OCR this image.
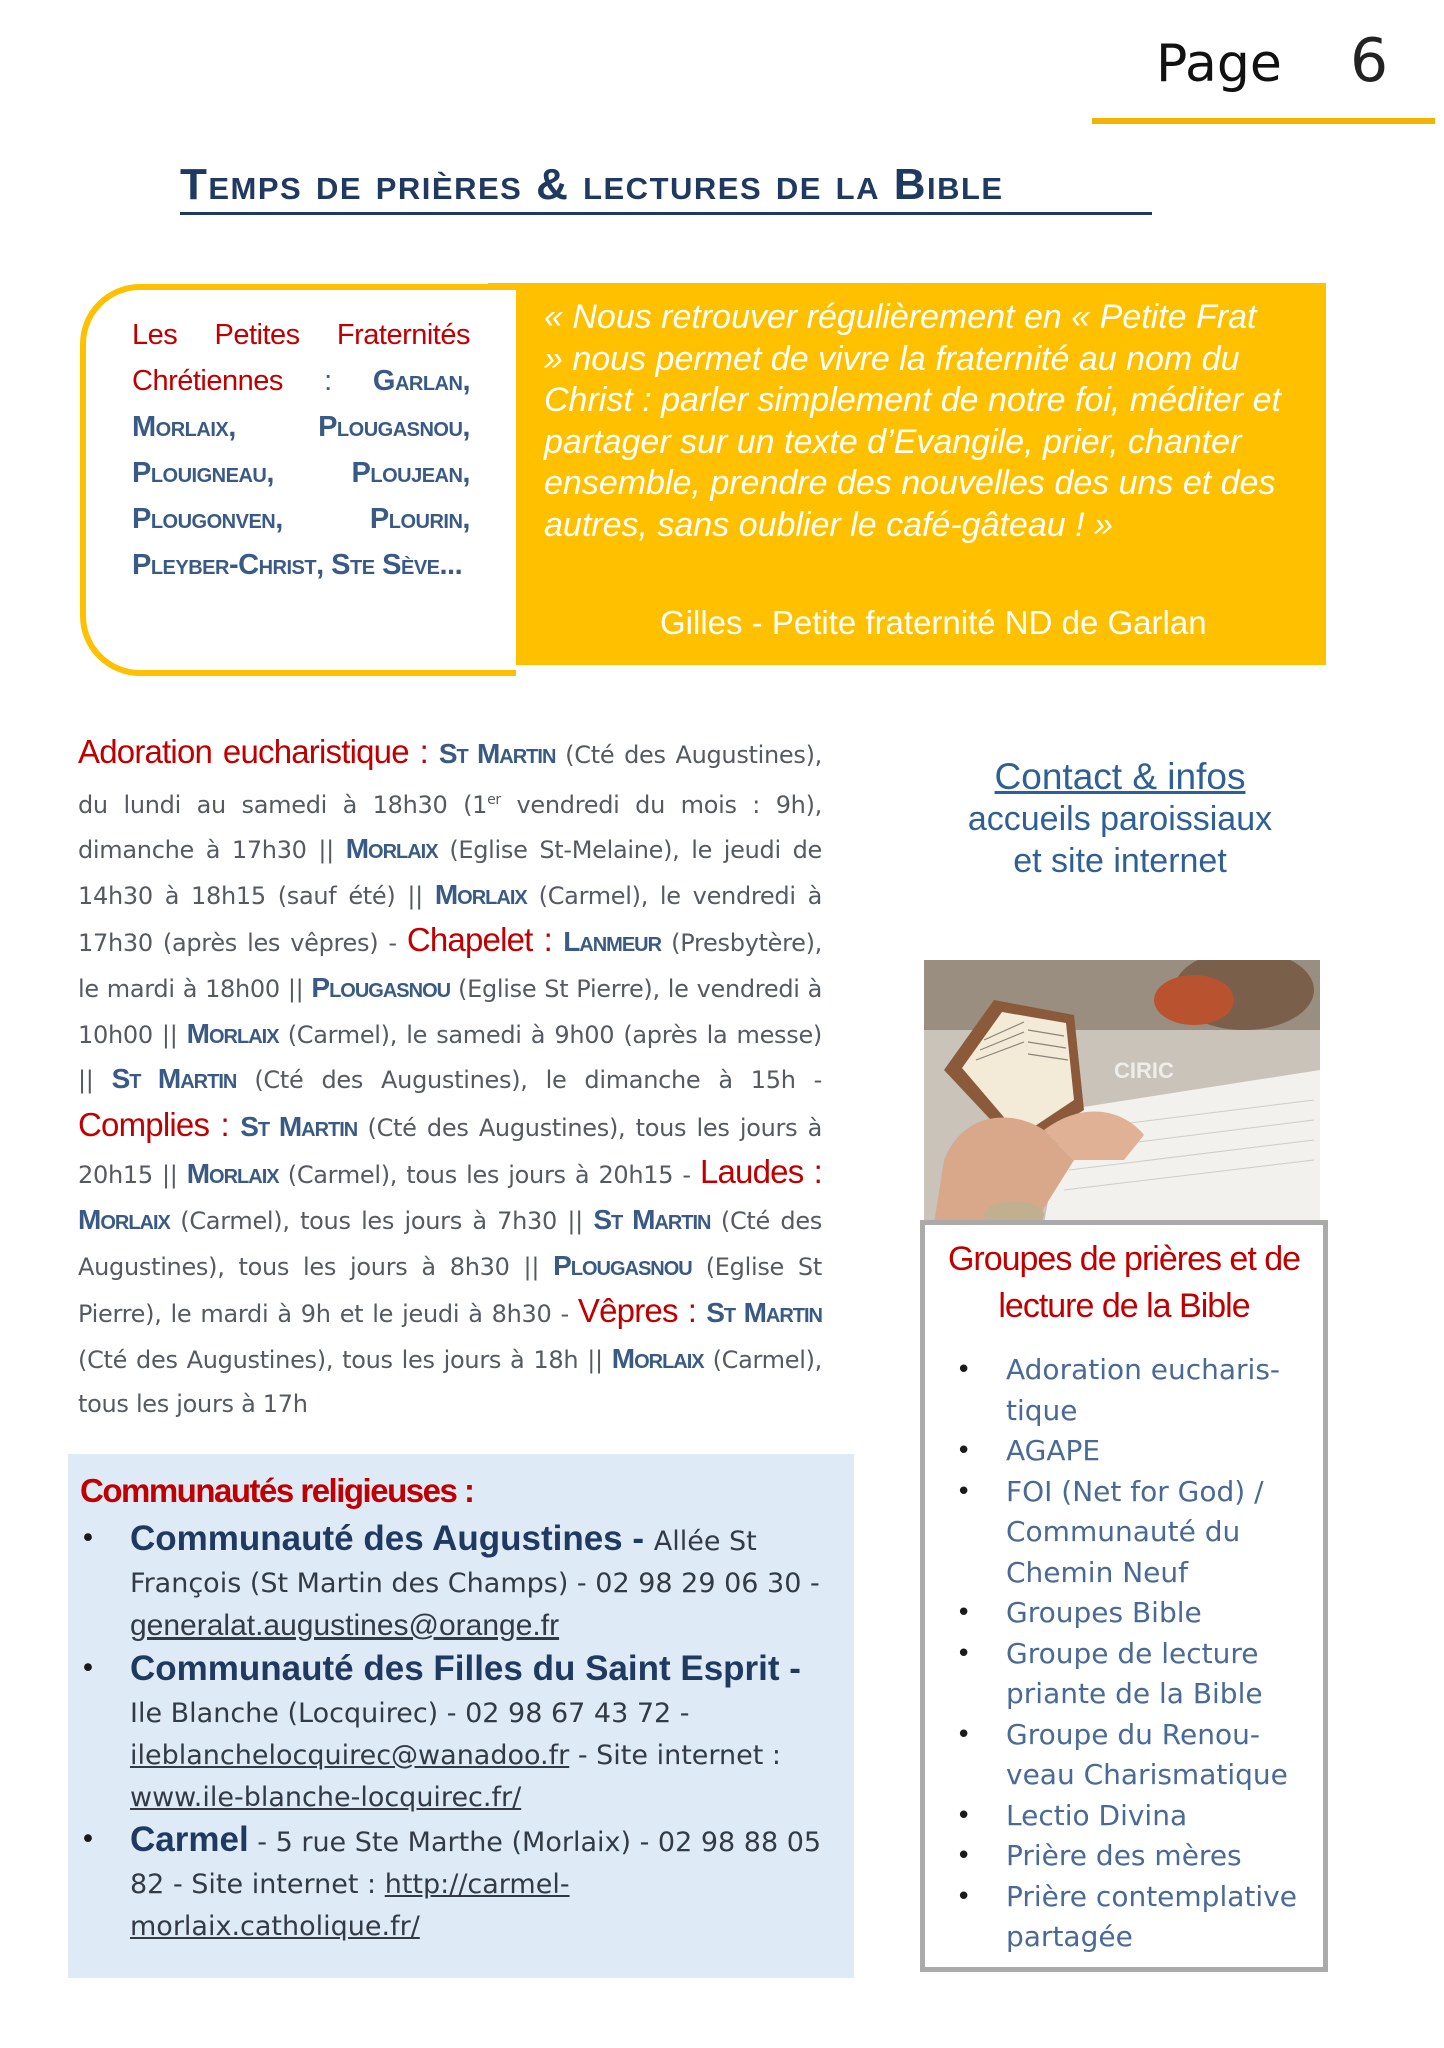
Page 6
Temps de prières & lectures de la Bible
Les Petites Fraternités Chrétiennes : Garlan, Morlaix, Plougasnou, Plouigneau, Ploujean, Plougonven, Plourin, Pleyber-Christ, Ste Sève...
« Nous retrouver régulièrement en « Petite Frat » nous permet de vivre la fraternité au nom du Christ : parler simplement de notre foi, méditer et partager sur un texte d’Evangile, prier, chanter ensemble, prendre des nouvelles des uns et des autres, sans oublier le café-gâteau ! »
Gilles - Petite fraternité ND de Garlan
Adoration eucharistique : St Martin (Cté des Augustines), du lundi au samedi à 18h30 (1er vendredi du mois : 9h), dimanche à 17h30 || Morlaix (Eglise St-Melaine), le jeudi de 14h30 à 18h15 (sauf été) || Morlaix (Carmel), le vendredi à 17h30 (après les vêpres) - Chapelet : Lanmeur (Presbytère), le mardi à 18h00 || Plougasnou (Eglise St Pierre), le vendredi à 10h00 || Morlaix (Carmel), le samedi à 9h00 (après la messe) || St Martin (Cté des Augustines), le dimanche à 15h - Complies : St Martin (Cté des Augustines), tous les jours à 20h15 || Morlaix (Carmel), tous les jours à 20h15 - Laudes : Morlaix (Carmel), tous les jours à 7h30 || St Martin (Cté des Augustines), tous les jours à 8h30 || Plougasnou (Eglise St Pierre), le mardi à 9h et le jeudi à 8h30 - Vêpres : St Martin (Cté des Augustines), tous les jours à 18h || Morlaix (Carmel), tous les jours à 17h
Contact & infos
accueils paroissiaux
et site internet
CIRIC
Groupes de prières et de lecture de la Bible
• Adoration eucharis-tique
• AGAPE
• FOI (Net for God) / Communauté du Chemin Neuf
• Groupes Bible
• Groupe de lecture priante de la Bible
• Groupe du Renou-veau Charismatique
• Lectio Divina
• Prière des mères
• Prière contemplative partagée
Communautés religieuses :
• Communauté des Augustines - Allée St François (St Martin des Champs) - 02 98 29 06 30 - generalat.augustines@orange.fr
• Communauté des Filles du Saint Esprit - Ile Blanche (Locquirec) - 02 98 67 43 72 - ileblanchelocquirec@wanadoo.fr - Site internet : www.ile-blanche-locquirec.fr/
• Carmel - 5 rue Ste Marthe (Morlaix) - 02 98 88 05 82 - Site internet : http://carmel-morlaix.catholique.fr/
